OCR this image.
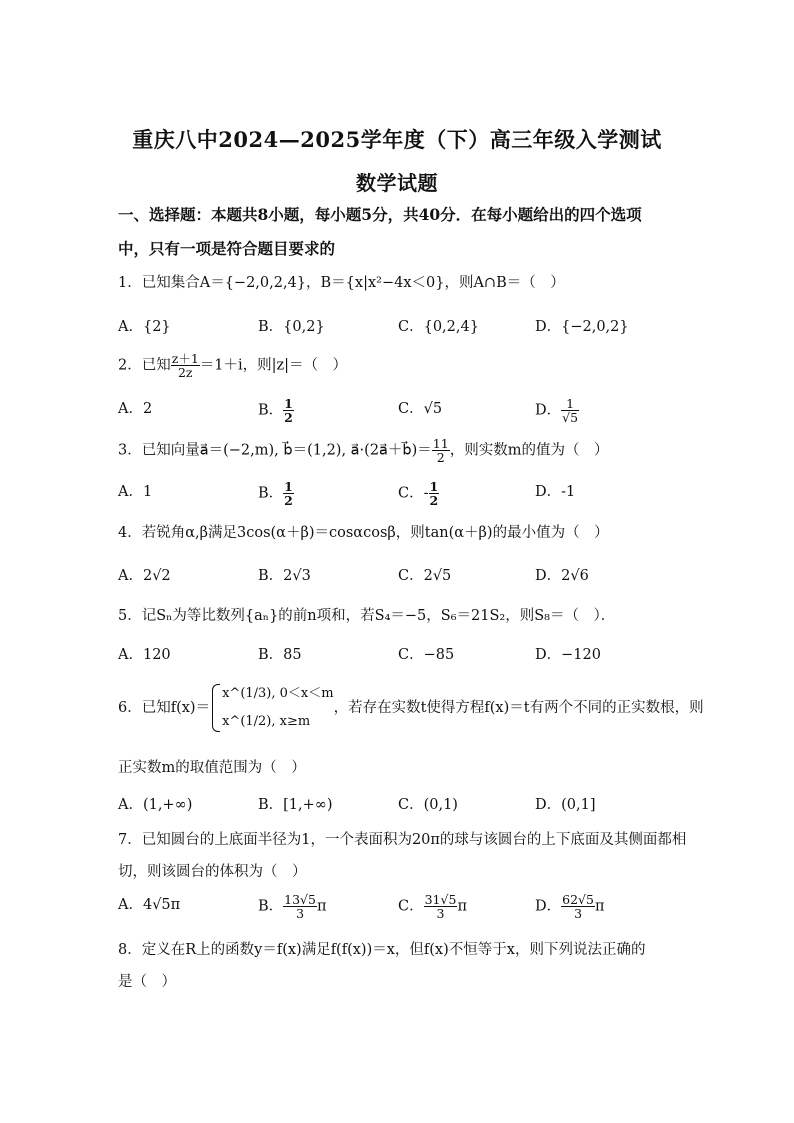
重庆八中2024—2025学年度（下）高三年级入学测试
数学试题
一、选择题：本题共8小题，每小题5分，共40分．在每小题给出的四个选项
中，只有一项是符合题目要求的
1．已知集合A＝{−2,0,2,4}，B＝{x|x²−4x＜0}，则A∩B＝（　）
A．{2}	B．{0,2}	C．{0,2,4}	D．{−2,0,2}
2．已知 $\frac{z+1}{2z} =1+i$，则|z|＝（　）
A．2	B． $\frac{1}{2}$	C．√5	D． $\frac{1}{√5}$
3．已知向量a⃗＝(−2,m), b⃗＝(1,2), a⃗·(2a⃗＋b⃗)＝ $\frac{11}{2}$ ，则实数m的值为（　）
A．1	B． $\frac{1}{2}$	C．- $\frac{1}{2}$	D．-1
4．若锐角α,β满足3cos(α＋β)＝cosαcosβ，则tan(α＋β)的最小值为（　）
A．2√2	B．2√3	C．2√5	D．2√6
5．记Sₙ为等比数列{aₙ}的前n项和，若S₄＝−5，S₆＝21S₂，则S₈＝（　）．
A．120	B．85	C．−85	D．−120
6．已知f(x)＝
x^(1/3), 0＜x＜m
x^(1/2), x≥m
，若存在实数t使得方程f(x)＝t有两个不同的正实数根，则
正实数m的取值范围为（　）
A．(1,+∞)	B．[1,+∞)	C．(0,1)	D．(0,1]
7．已知圆台的上底面半径为1，一个表面积为20π的球与该圆台的上下底面及其侧面都相
切，则该圆台的体积为（　）
A．4√5π	B． $\frac{13√5}{3}$ π	C． $\frac{31√5}{3}$ π	D． $\frac{62√5}{3}$ π
8．定义在R上的函数y＝f(x)满足f(f(x))＝x，但f(x)不恒等于x，则下列说法正确的
是（　）
